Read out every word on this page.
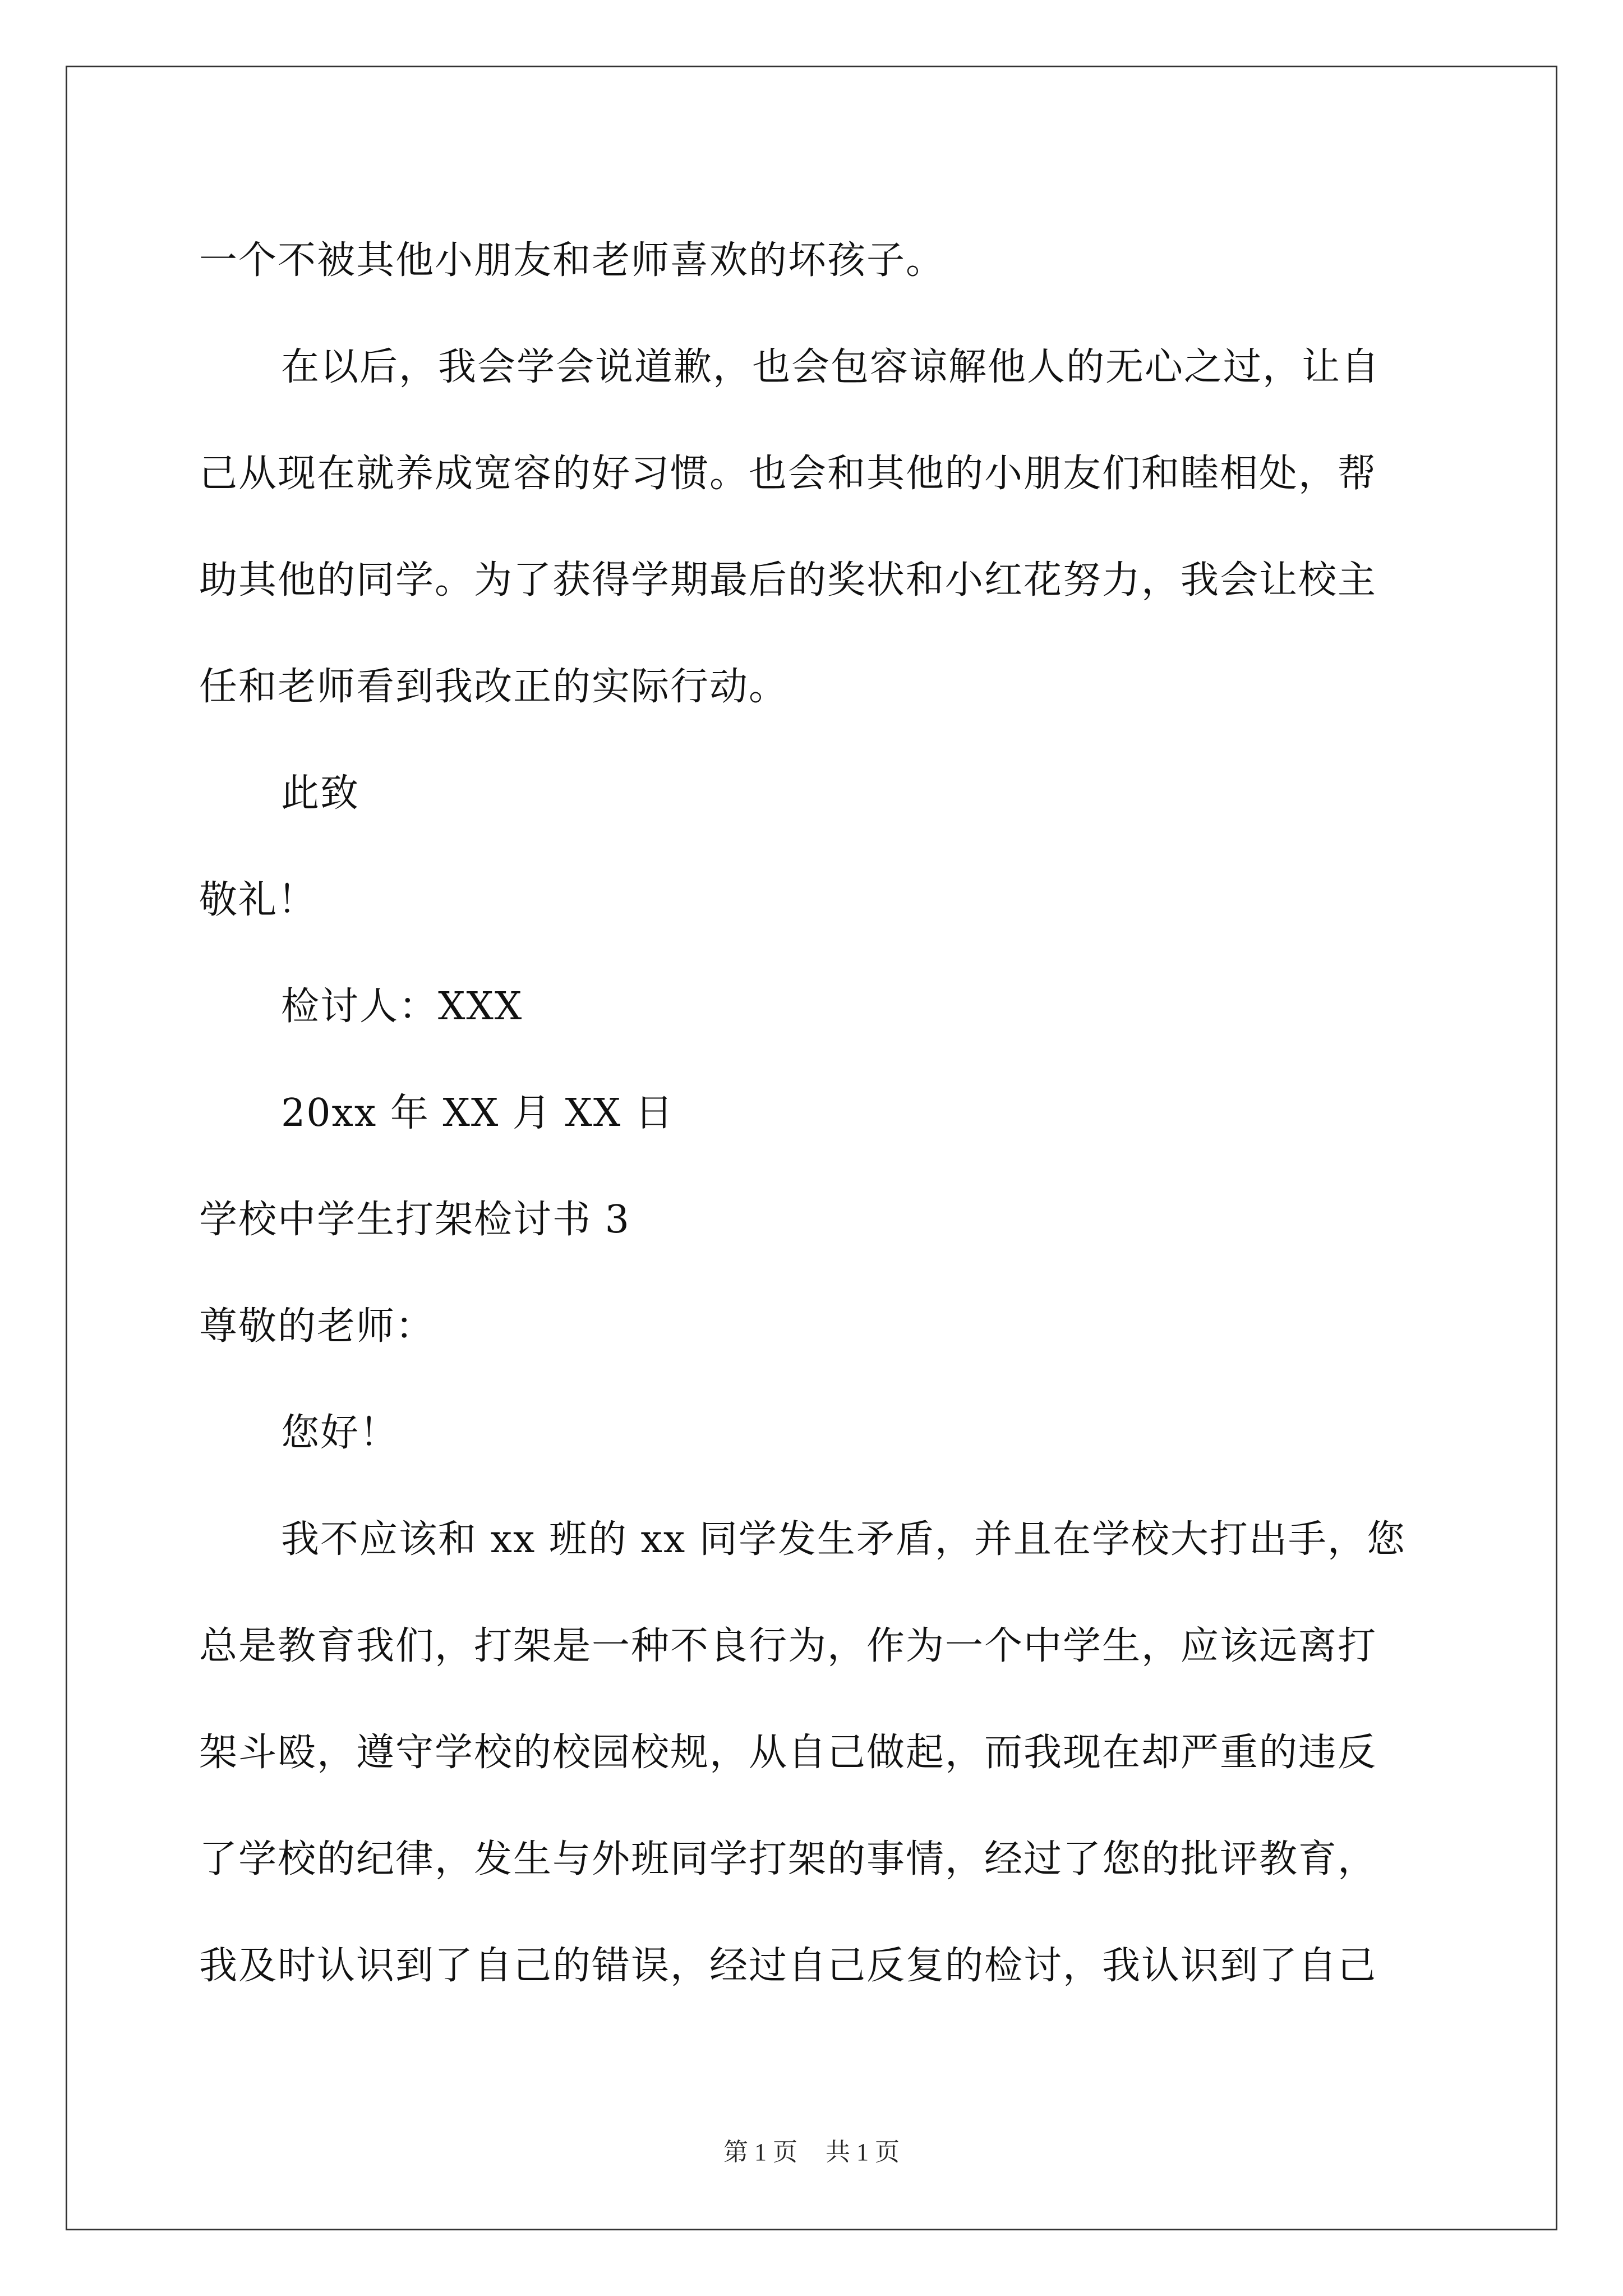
一个不被其他小朋友和老师喜欢的坏孩子。
在以后，我会学会说道歉，也会包容谅解他人的无心之过，让自
己从现在就养成宽容的好习惯。也会和其他的小朋友们和睦相处，帮
助其他的同学。为了获得学期最后的奖状和小红花努力，我会让校主
任和老师看到我改正的实际行动。
此致
敬礼！
检讨人：XXX
20xx 年 XX 月 XX 日
学校中学生打架检讨书 3
尊敬的老师：
您好！
我不应该和 xx 班的 xx 同学发生矛盾，并且在学校大打出手，您
总是教育我们，打架是一种不良行为，作为一个中学生，应该远离打
架斗殴，遵守学校的校园校规，从自己做起，而我现在却严重的违反
了学校的纪律，发生与外班同学打架的事情，经过了您的批评教育，
我及时认识到了自己的错误，经过自己反复的检讨，我认识到了自己
第 1 页 共 1 页
